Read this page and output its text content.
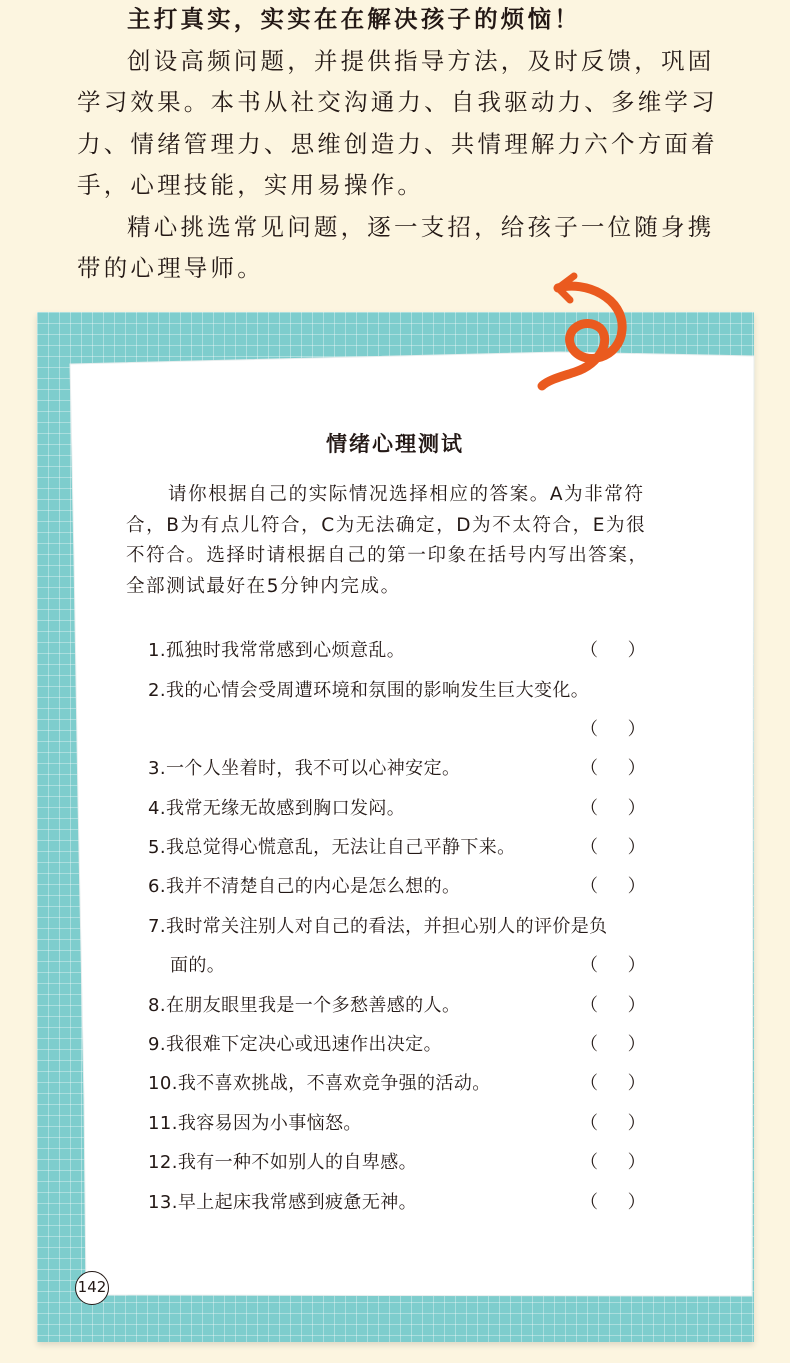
主打真实，实实在在解决孩子的烦恼！

创设高频问题，并提供指导方法，及时反馈，巩固学习效果。本书从社交沟通力、自我驱动力、多维学习力、情绪管理力、思维创造力、共情理解力六个方面着手，心理技能，实用易操作。

精心挑选常见问题，逐一支招，给孩子一位随身携带的心理导师。

情绪心理测试

请你根据自己的实际情况选择相应的答案。A为非常符合，B为有点儿符合，C为无法确定，D为不太符合，E为很不符合。选择时请根据自己的第一印象在括号内写出答案，全部测试最好在5分钟内完成。

1.孤独时我常常感到心烦意乱。	（ ）
2.我的心情会受周遭环境和氛围的影响发生巨大变化。
（ ）
3.一个人坐着时，我不可以心神安定。	（ ）
4.我常无缘无故感到胸口发闷。	（ ）
5.我总觉得心慌意乱，无法让自己平静下来。	（ ）
6.我并不清楚自己的内心是怎么想的。	（ ）
7.我时常关注别人对自己的看法，并担心别人的评价是负
面的。	（ ）
8.在朋友眼里我是一个多愁善感的人。	（ ）
9.我很难下定决心或迅速作出决定。	（ ）
10.我不喜欢挑战，不喜欢竞争强的活动。	（ ）
11.我容易因为小事恼怒。	（ ）
12.我有一种不如别人的自卑感。	（ ）
13.早上起床我常感到疲惫无神。	（ ）
142
